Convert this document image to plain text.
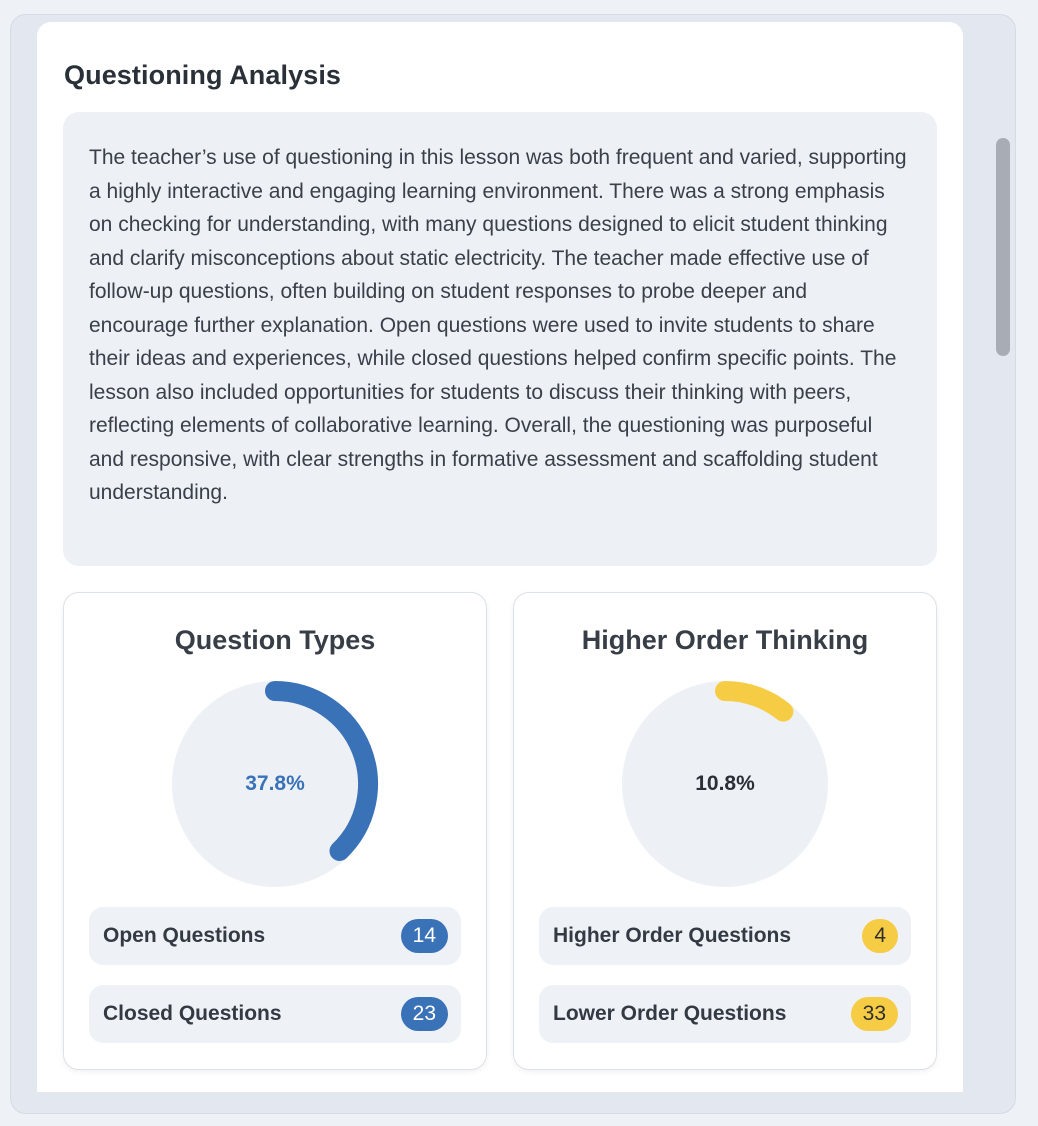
Questioning Analysis

The teacher’s use of questioning in this lesson was both frequent and varied, supporting a highly interactive and engaging learning environment. There was a strong emphasis on checking for understanding, with many questions designed to elicit student thinking and clarify misconceptions about static electricity. The teacher made effective use of follow-up questions, often building on student responses to probe deeper and encourage further explanation. Open questions were used to invite students to share their ideas and experiences, while closed questions helped confirm specific points. The lesson also included opportunities for students to discuss their thinking with peers, reflecting elements of collaborative learning. Overall, the questioning was purposeful and responsive, with clear strengths in formative assessment and scaffolding student understanding.

Question Types
37.8%
Open Questions	14
Closed Questions	23
Higher Order Thinking
10.8%
Higher Order Questions	4
Lower Order Questions	33
